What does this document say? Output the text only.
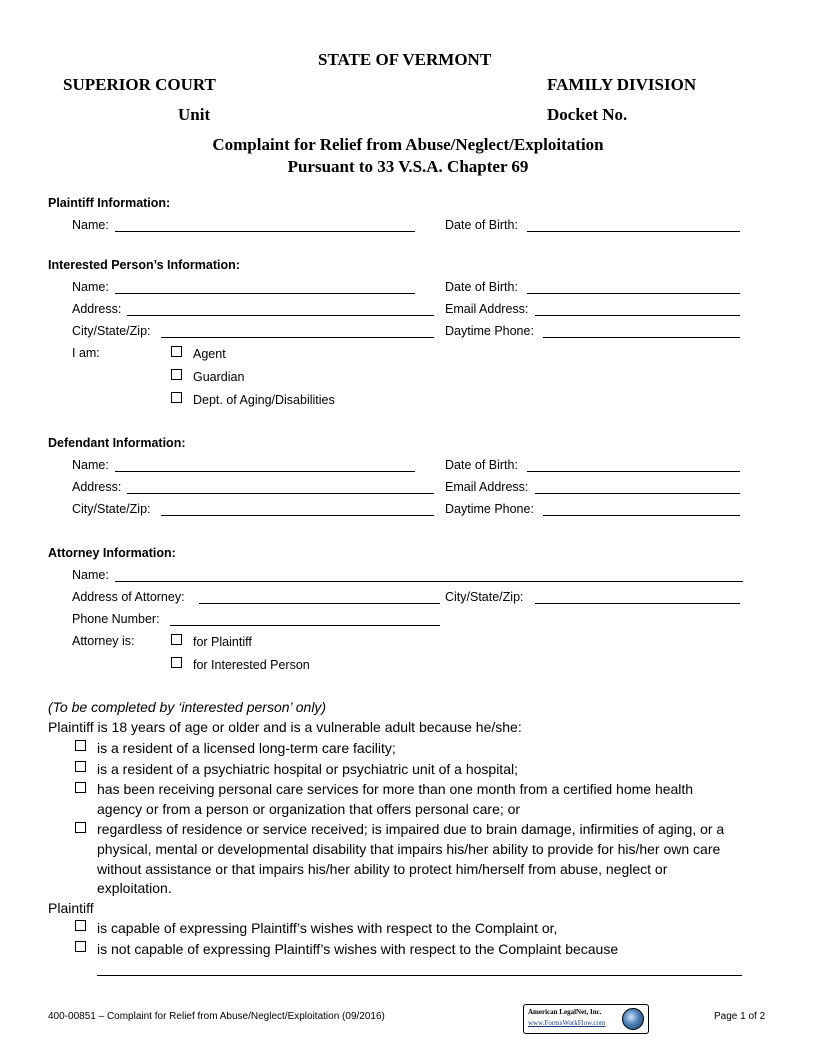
STATE OF VERMONT
SUPERIOR COURT	FAMILY DIVISION
Unit	Docket No.
Complaint for Relief from Abuse/Neglect/Exploitation
Pursuant to 33 V.S.A. Chapter 69
Plaintiff Information:
Name:	Date of Birth:
Interested Person’s Information:
Name:	Date of Birth:
Address:	Email Address:
City/State/Zip:	Daytime Phone:
I am:	Agent
Guardian
Dept. of Aging/Disabilities
Defendant Information:
Name:	Date of Birth:
Address:	Email Address:
City/State/Zip:	Daytime Phone:
Attorney Information:
Name:
Address of Attorney:	City/State/Zip:
Phone Number:
Attorney is:	for Plaintiff
for Interested Person
(To be completed by ‘interested person’ only)
Plaintiff is 18 years of age or older and is a vulnerable adult because he/she:
is a resident of a licensed long-term care facility;
is a resident of a psychiatric hospital or psychiatric unit of a hospital;
has been receiving personal care services for more than one month from a certified home health
agency or from a person or organization that offers personal care; or
regardless of residence or service received; is impaired due to brain damage, infirmities of aging, or a
physical, mental or developmental disability that impairs his/her ability to provide for his/her own care
without assistance or that impairs his/her ability to protect him/herself from abuse, neglect or
exploitation.
Plaintiff
is capable of expressing Plaintiff’s wishes with respect to the Complaint or,
is not capable of expressing Plaintiff’s wishes with respect to the Complaint because
400-00851 – Complaint for Relief from Abuse/Neglect/Exploitation (09/2016)	American LegalNet, Inc.
www.FormsWorkFlow.com
Page 1 of 2
